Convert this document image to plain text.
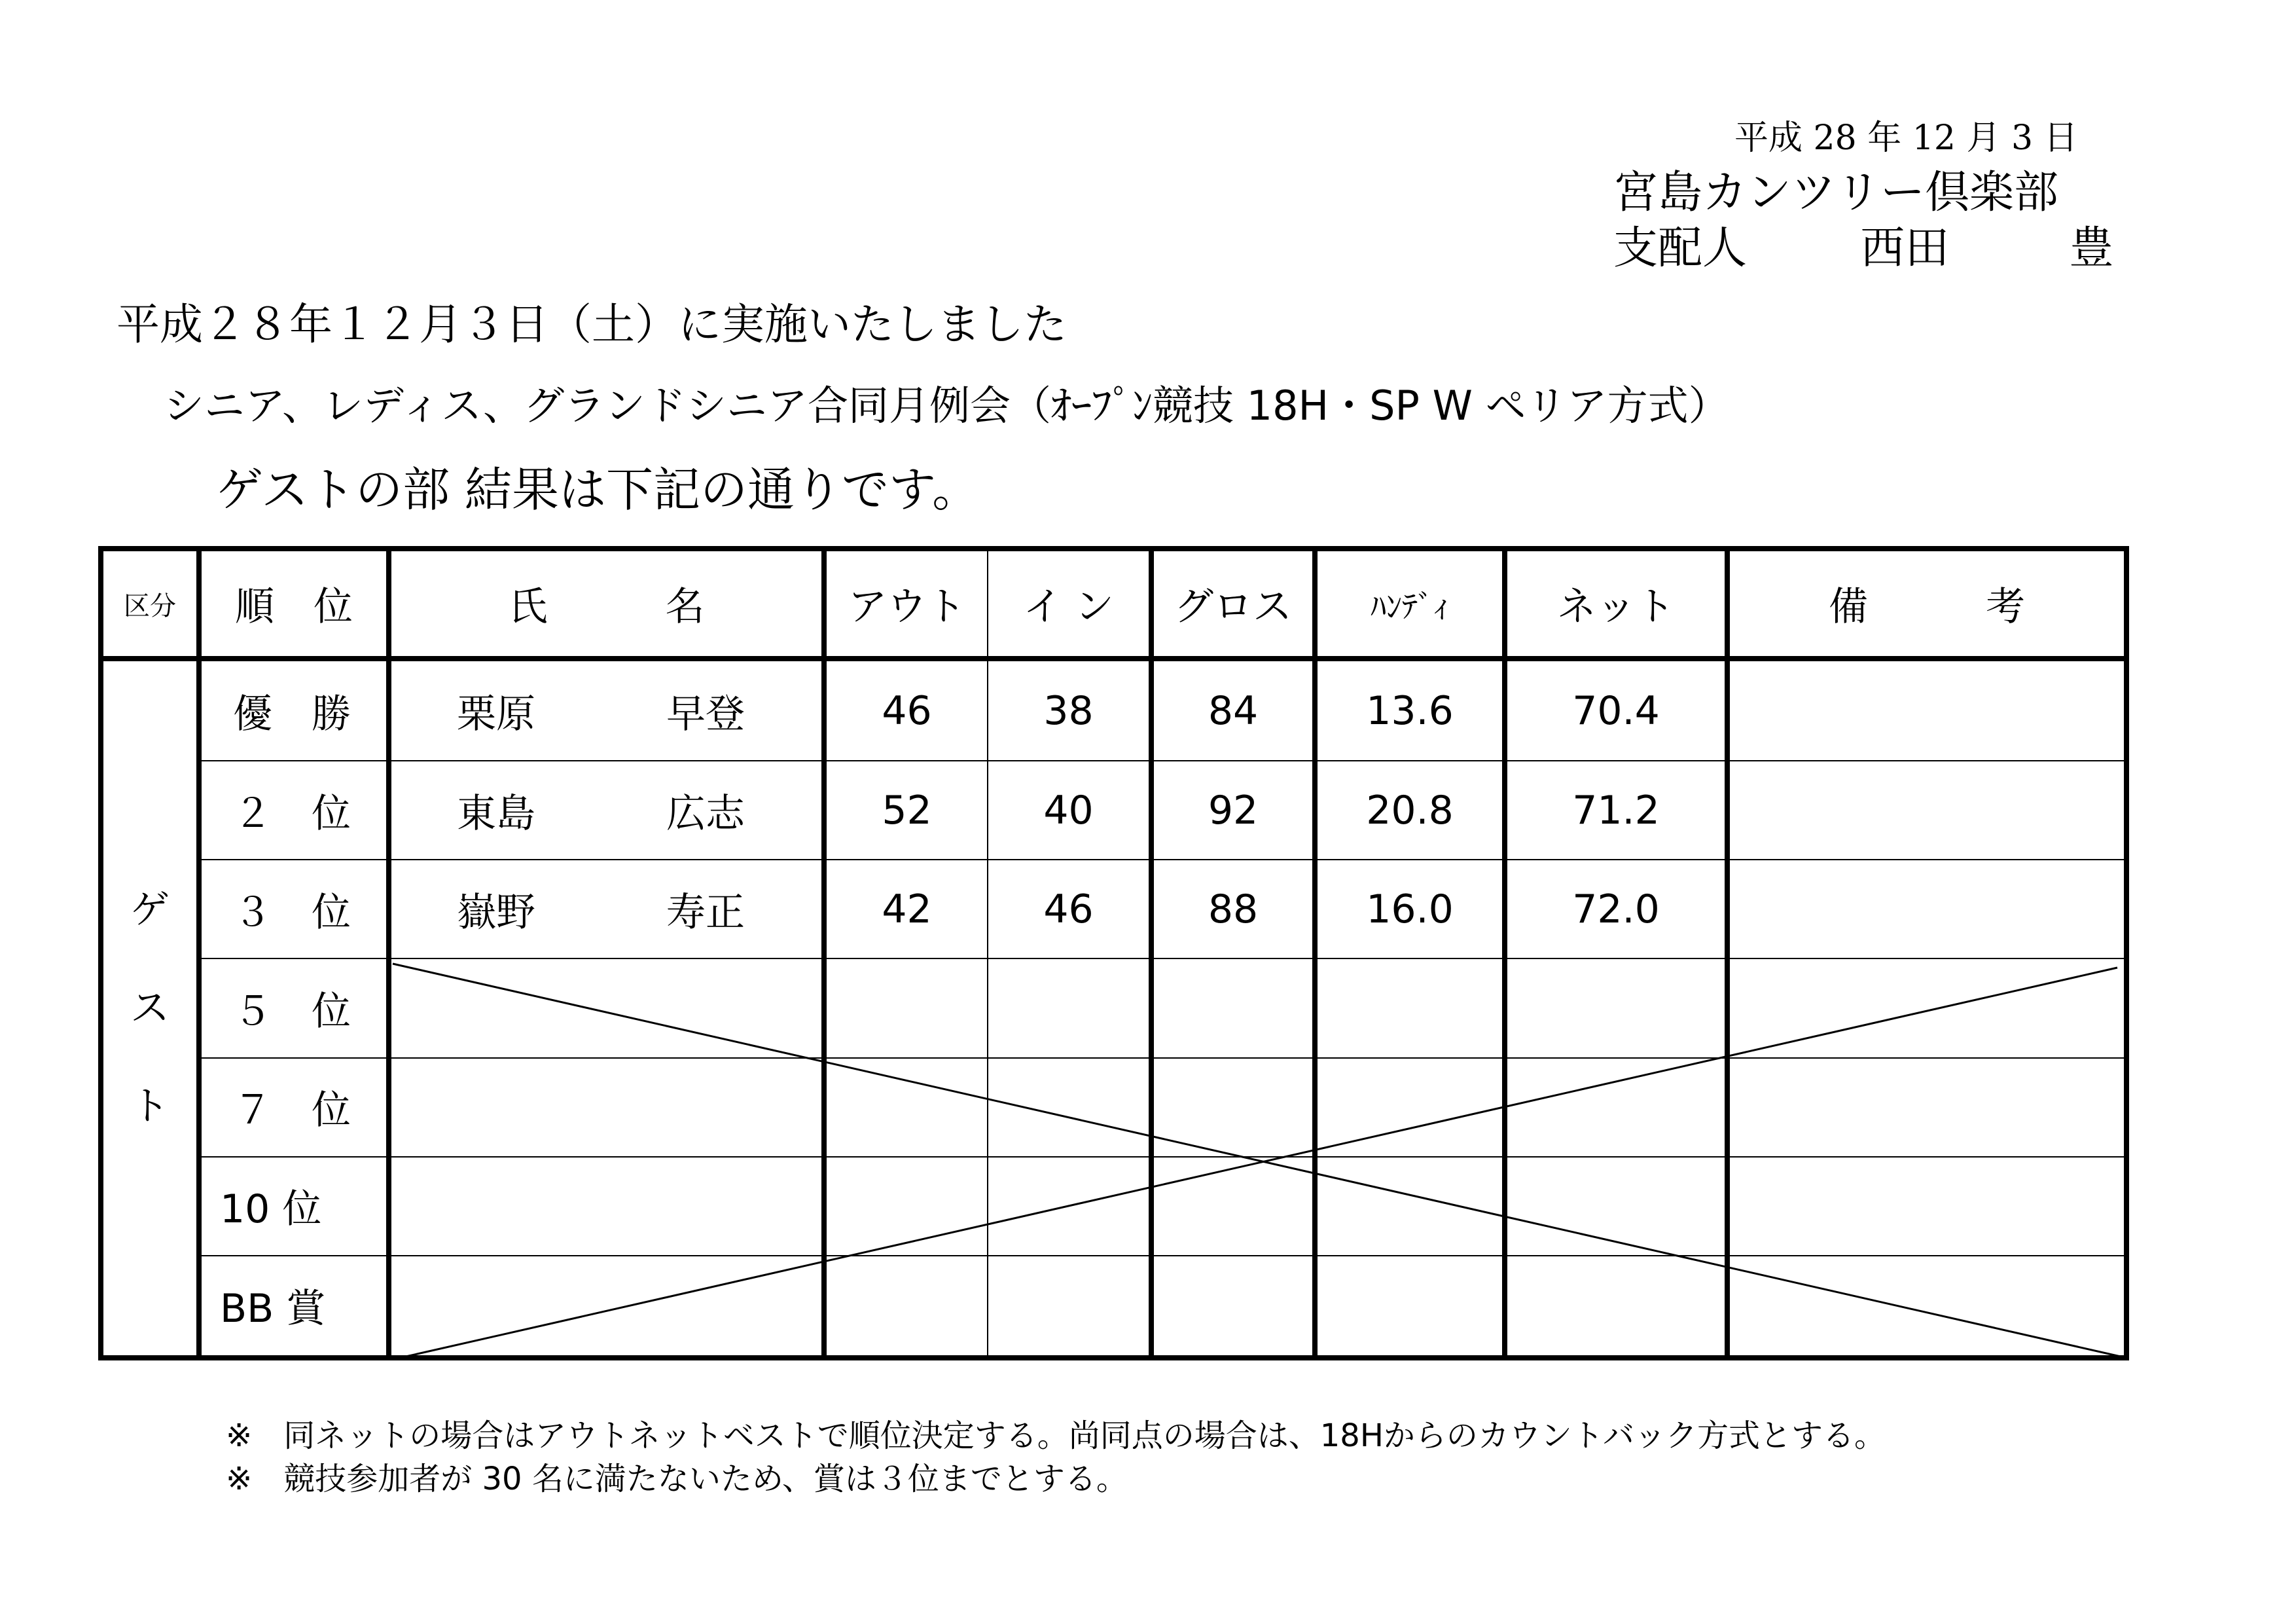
平成 28 年 12 月 3 日
宮島カンツリー倶楽部
支配人	西田	豊
平成２８年１２月３日（土）に実施いたしました
シニア、レディス、グランドシニア合同月例会（ｵｰﾌﾟﾝ競技 18H・SP W ペリア方式）
ゲストの部 結果は下記の通りです。
区分	順　位	氏　　　名	アウト	イ ン	グロス	ﾊﾝﾃﾞｨ	ネット	備　　　考

ゲ
ス
ト	優　勝	栗原 早登	46	38	84	13.6	70.4	
	２　位	東島 広志	52	40	92	20.8	71.2	
	３　位	嶽野 寿正	42	46	88	16.0	72.0	
	５　位							
	７　位							
	10 位							
	BB 賞							
※　同ネットの場合はアウトネットベストで順位決定する。尚同点の場合は、18Hからのカウントバック方式とする。
※　競技参加者が 30 名に満たないため、賞は３位までとする。
